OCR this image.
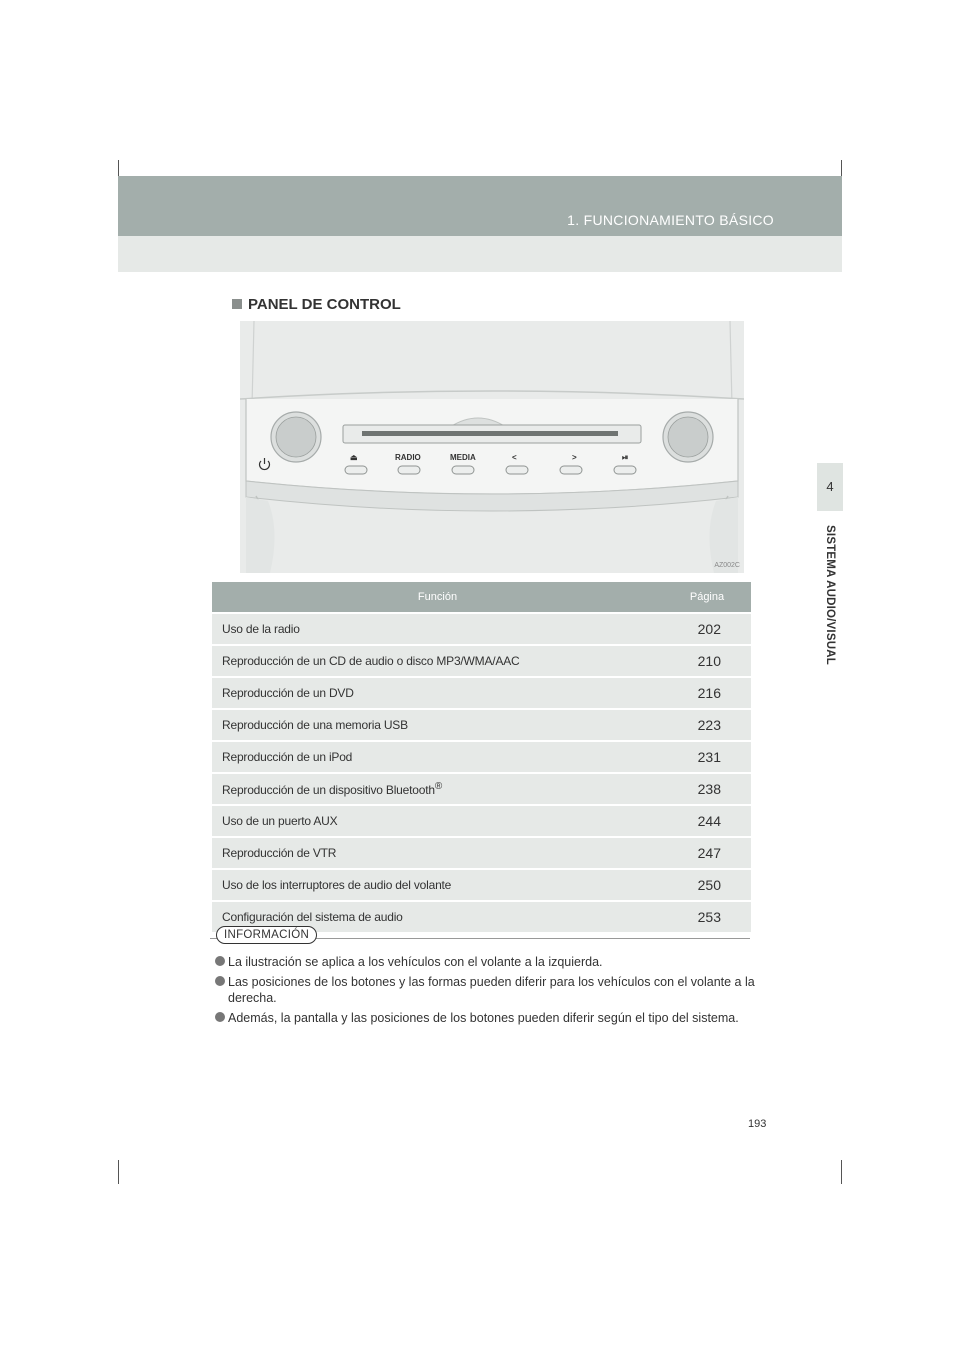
1. FUNCIONAMIENTO BÁSICO
4
SISTEMA AUDIO/VISUAL
PANEL DE CONTROL
AZ002C
⏏	RADIO	MEDIA	<	>	⏯
Función	Página
Uso de la radio	202
Reproducción de un CD de audio o disco MP3/WMA/AAC	210
Reproducción de un DVD	216
Reproducción de una memoria USB	223
Reproducción de un iPod	231
Reproducción de un dispositivo Bluetooth®	238
Uso de un puerto AUX	244
Reproducción de VTR	247
Uso de los interruptores de audio del volante	250
Configuración del sistema de audio	253
INFORMACIÓN
La ilustración se aplica a los vehículos con el volante a la izquierda.
Las posiciones de los botones y las formas pueden diferir para los vehículos con el volante a la derecha.
Además, la pantalla y las posiciones de los botones pueden diferir según el tipo del sistema.
193
